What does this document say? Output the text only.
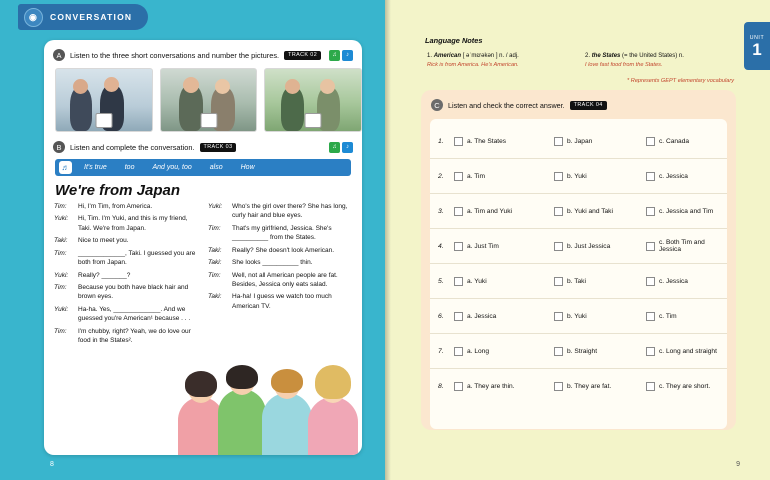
◉	CONVERSATION
A	Listen to the three short conversations and number the pictures.	TRACK 02	♫	♪
B	Listen and complete the conversation.	TRACK 03	♫	♪
♬	It's true	too	And you, too	also	How
We're from Japan
Tim:	Hi, I'm Tim, from America.
Yuki:	Hi, Tim. I'm Yuki, and this is my friend, Taki. We're from Japan.
Taki:	Nice to meet you.
Tim:	_____________, Taki. I guessed you are both from Japan.
Yuki:	Really? _______?
Tim:	Because you both have black hair and brown eyes.
Yuki:	Ha-ha. Yes, _____________. And we guessed you're American¹ because . . .
Tim:	I'm chubby, right? Yeah, we do love our food in the States².
Yuki:	Who's the girl over there? She has long, curly hair and blue eyes.
Tim:	That's my girlfriend, Jessica. She's __________ from the States.
Taki:	Really? She doesn't look American.
Taki:	She looks __________ thin.
Tim:	Well, not all American people are fat. Besides, Jessica only eats salad.
Taki:	Ha-ha! I guess we watch too much American TV.
8
UNIT
1
Language Notes
1. American [ əˈmɛrəkən ] n. / adj.
Rick is from America. He's American.
2. the States (= the United States) n.
I love fast food from the States.
* Represents GEPT elementary vocabulary
C	Listen and check the correct answer.	TRACK 04
1.	a. The States	b. Japan	c. Canada
2.	a. Tim	b. Yuki	c. Jessica
3.	a. Tim and Yuki	b. Yuki and Taki	c. Jessica and Tim
4.	a. Just Tim	b. Just Jessica	c. Both Tim and Jessica
5.	a. Yuki	b. Taki	c. Jessica
6.	a. Jessica	b. Yuki	c. Tim
7.	a. Long	b. Straight	c. Long and straight
8.	a. They are thin.	b. They are fat.	c. They are short.
9
